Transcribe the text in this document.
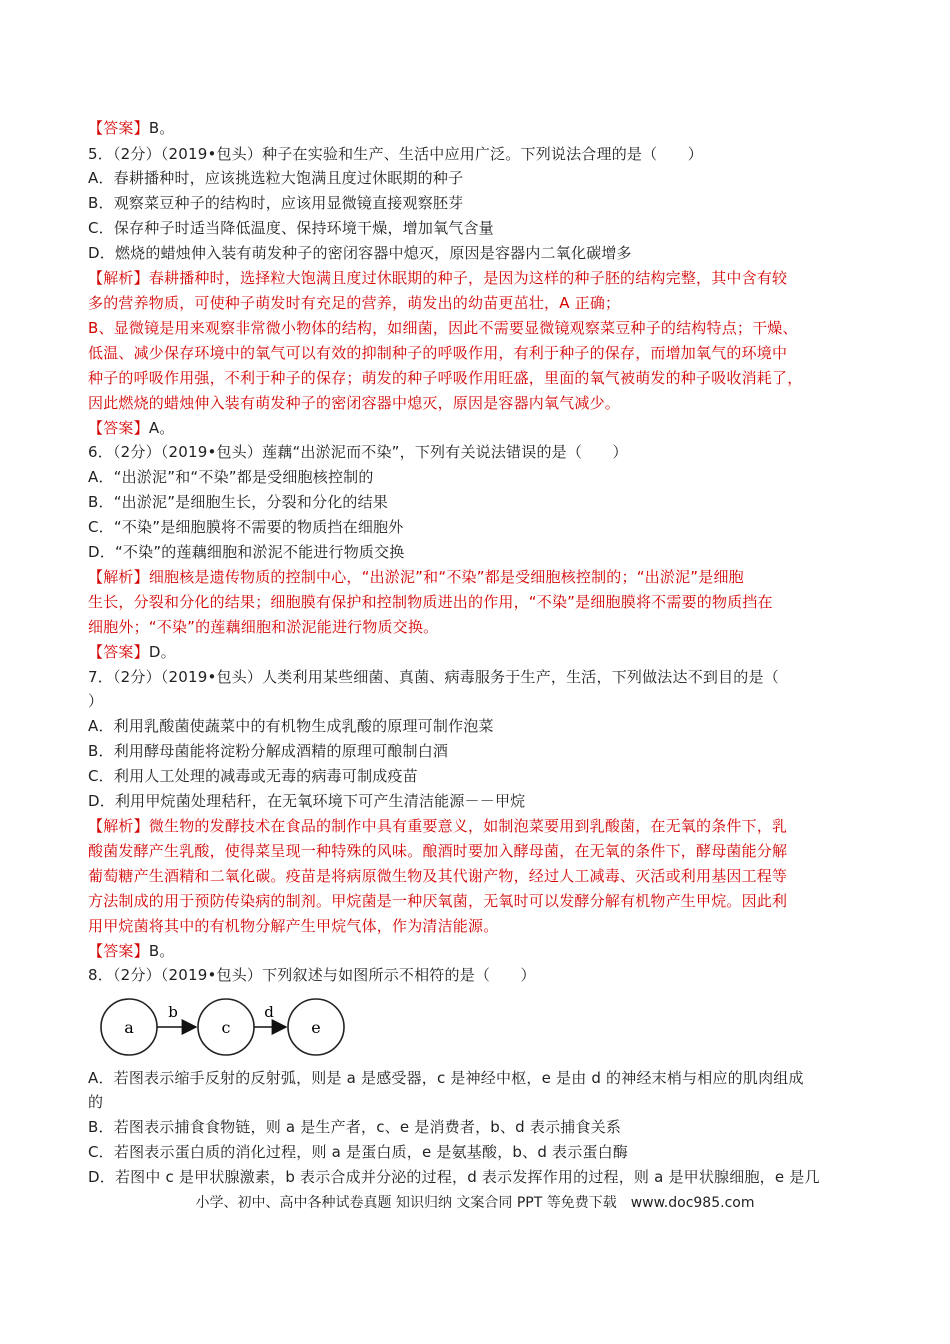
【答案】B。
5．（2分）（2019•包头）种子在实验和生产、生活中应用广泛。下列说法合理的是（　　）
A．春耕播种时，应该挑选粒大饱满且度过休眠期的种子
B．观察菜豆种子的结构时，应该用显微镜直接观察胚芽
C．保存种子时适当降低温度、保持环境干燥，增加氧气含量
D．燃烧的蜡烛伸入装有萌发种子的密闭容器中熄灭，原因是容器内二氧化碳增多
【解析】春耕播种时，选择粒大饱满且度过休眠期的种子，是因为这样的种子胚的结构完整，其中含有较
多的营养物质，可使种子萌发时有充足的营养，萌发出的幼苗更茁壮，A 正确；
B、显微镜是用来观察非常微小物体的结构，如细菌，因此不需要显微镜观察菜豆种子的结构特点；干燥、
低温、减少保存环境中的氧气可以有效的抑制种子的呼吸作用，有利于种子的保存，而增加氧气的环境中
种子的呼吸作用强，不利于种子的保存；萌发的种子呼吸作用旺盛，里面的氧气被萌发的种子吸收消耗了，
因此燃烧的蜡烛伸入装有萌发种子的密闭容器中熄灭，原因是容器内氧气减少。
【答案】A。
6．（2分）（2019•包头）莲藕“出淤泥而不染”，下列有关说法错误的是（　　）
A．“出淤泥”和“不染”都是受细胞核控制的
B．“出淤泥”是细胞生长，分裂和分化的结果
C．“不染”是细胞膜将不需要的物质挡在细胞外
D．“不染”的莲藕细胞和淤泥不能进行物质交换
【解析】细胞核是遗传物质的控制中心，“出淤泥”和“不染”都是受细胞核控制的；“出淤泥”是细胞
生长，分裂和分化的结果；细胞膜有保护和控制物质进出的作用，“不染”是细胞膜将不需要的物质挡在
细胞外；“不染”的莲藕细胞和淤泥能进行物质交换。
【答案】D。
7．（2分）（2019•包头）人类利用某些细菌、真菌、病毒服务于生产，生活，下列做法达不到目的是（
）
A．利用乳酸菌使蔬菜中的有机物生成乳酸的原理可制作泡菜
B．利用酵母菌能将淀粉分解成酒精的原理可酿制白酒
C．利用人工处理的减毒或无毒的病毒可制成疫苗
D．利用甲烷菌处理秸秆，在无氧环境下可产生清洁能源－－甲烷
【解析】微生物的发酵技术在食品的制作中具有重要意义，如制泡菜要用到乳酸菌，在无氧的条件下，乳
酸菌发酵产生乳酸，使得菜呈现一种特殊的风味。酿酒时要加入酵母菌，在无氧的条件下，酵母菌能分解
葡萄糖产生酒精和二氧化碳。疫苗是将病原微生物及其代谢产物，经过人工减毒、灭活或利用基因工程等
方法制成的用于预防传染病的制剂。甲烷菌是一种厌氧菌，无氧时可以发酵分解有机物产生甲烷。因此利
用甲烷菌将其中的有机物分解产生甲烷气体，作为清洁能源。
【答案】B。
8．（2分）（2019•包头）下列叙述与如图所示不相符的是（　　）
a	c	e
b	d
A．若图表示缩手反射的反射弧，则是 a 是感受器，c 是神经中枢，e 是由 d 的神经末梢与相应的肌肉组成
的
B．若图表示捕食食物链，则 a 是生产者，c、e 是消费者，b、d 表示捕食关系
C．若图表示蛋白质的消化过程，则 a 是蛋白质，e 是氨基酸，b、d 表示蛋白酶
D．若图中 c 是甲状腺激素，b 表示合成并分泌的过程，d 表示发挥作用的过程，则 a 是甲状腺细胞，e 是几
小学、初中、高中各种试卷真题 知识归纳 文案合同 PPT 等免费下载　www.doc985.com
